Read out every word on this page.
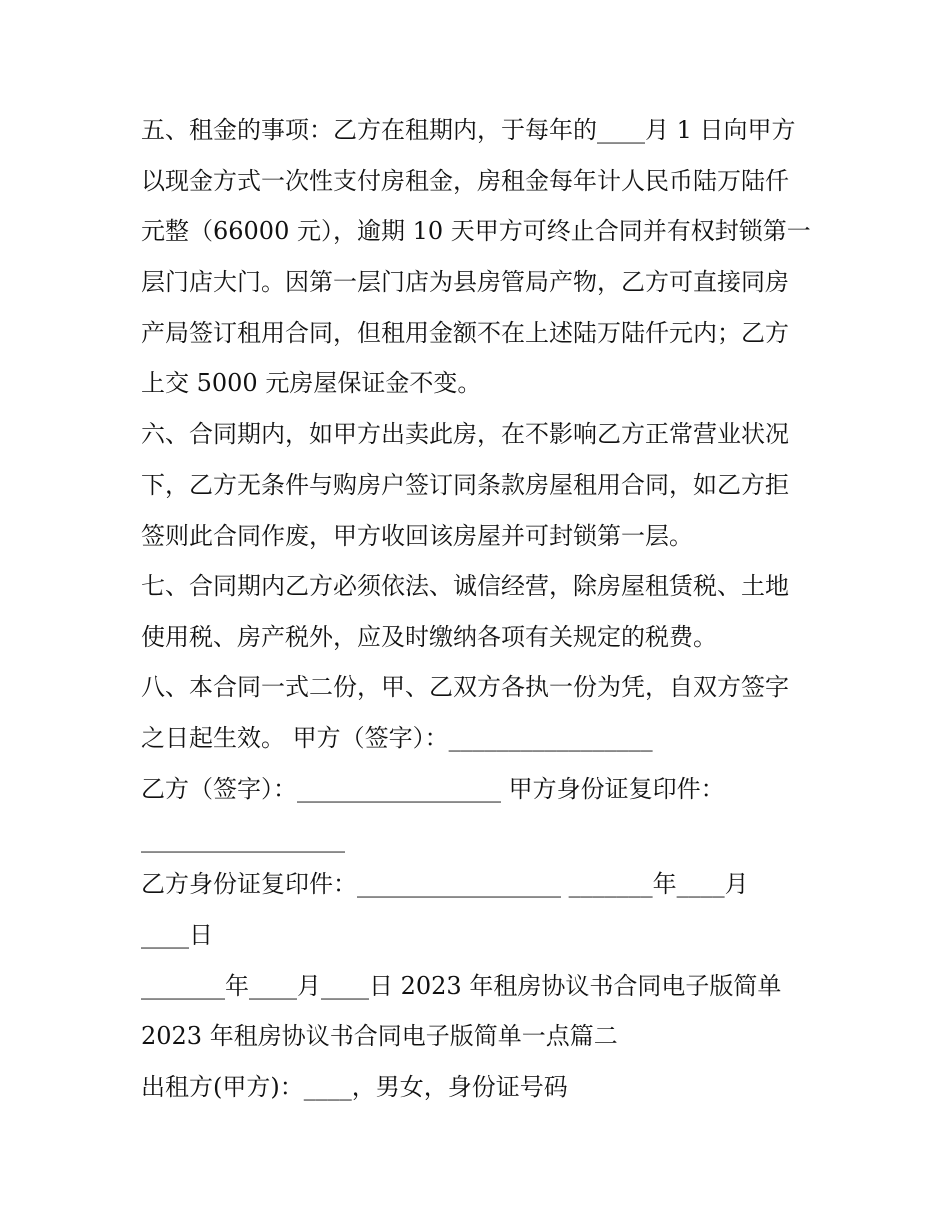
五、租金的事项：乙方在租期内，于每年的____月 1 日向甲方
以现金方式一次性支付房租金，房租金每年计人民币陆万陆仟
元整（66000 元），逾期 10 天甲方可终止合同并有权封锁第一
层门店大门。因第一层门店为县房管局产物，乙方可直接同房
产局签订租用合同，但租用金额不在上述陆万陆仟元内；乙方
上交 5000 元房屋保证金不变。
六、合同期内，如甲方出卖此房，在不影响乙方正常营业状况
下，乙方无条件与购房户签订同条款房屋租用合同，如乙方拒
签则此合同作废，甲方收回该房屋并可封锁第一层。
七、合同期内乙方必须依法、诚信经营，除房屋租赁税、土地
使用税、房产税外，应及时缴纳各项有关规定的税费。
八、本合同一式二份，甲、乙双方各执一份为凭，自双方签字
之日起生效。 甲方（签字）：_________________
乙方（签字）：_________________ 甲方身份证复印件：
_________________
乙方身份证复印件：_________________ _______年____月
____日
_______年____月____日 2023 年租房协议书合同电子版简单
2023 年租房协议书合同电子版简单一点篇二
出租方(甲方)：____，男女，身份证号码
